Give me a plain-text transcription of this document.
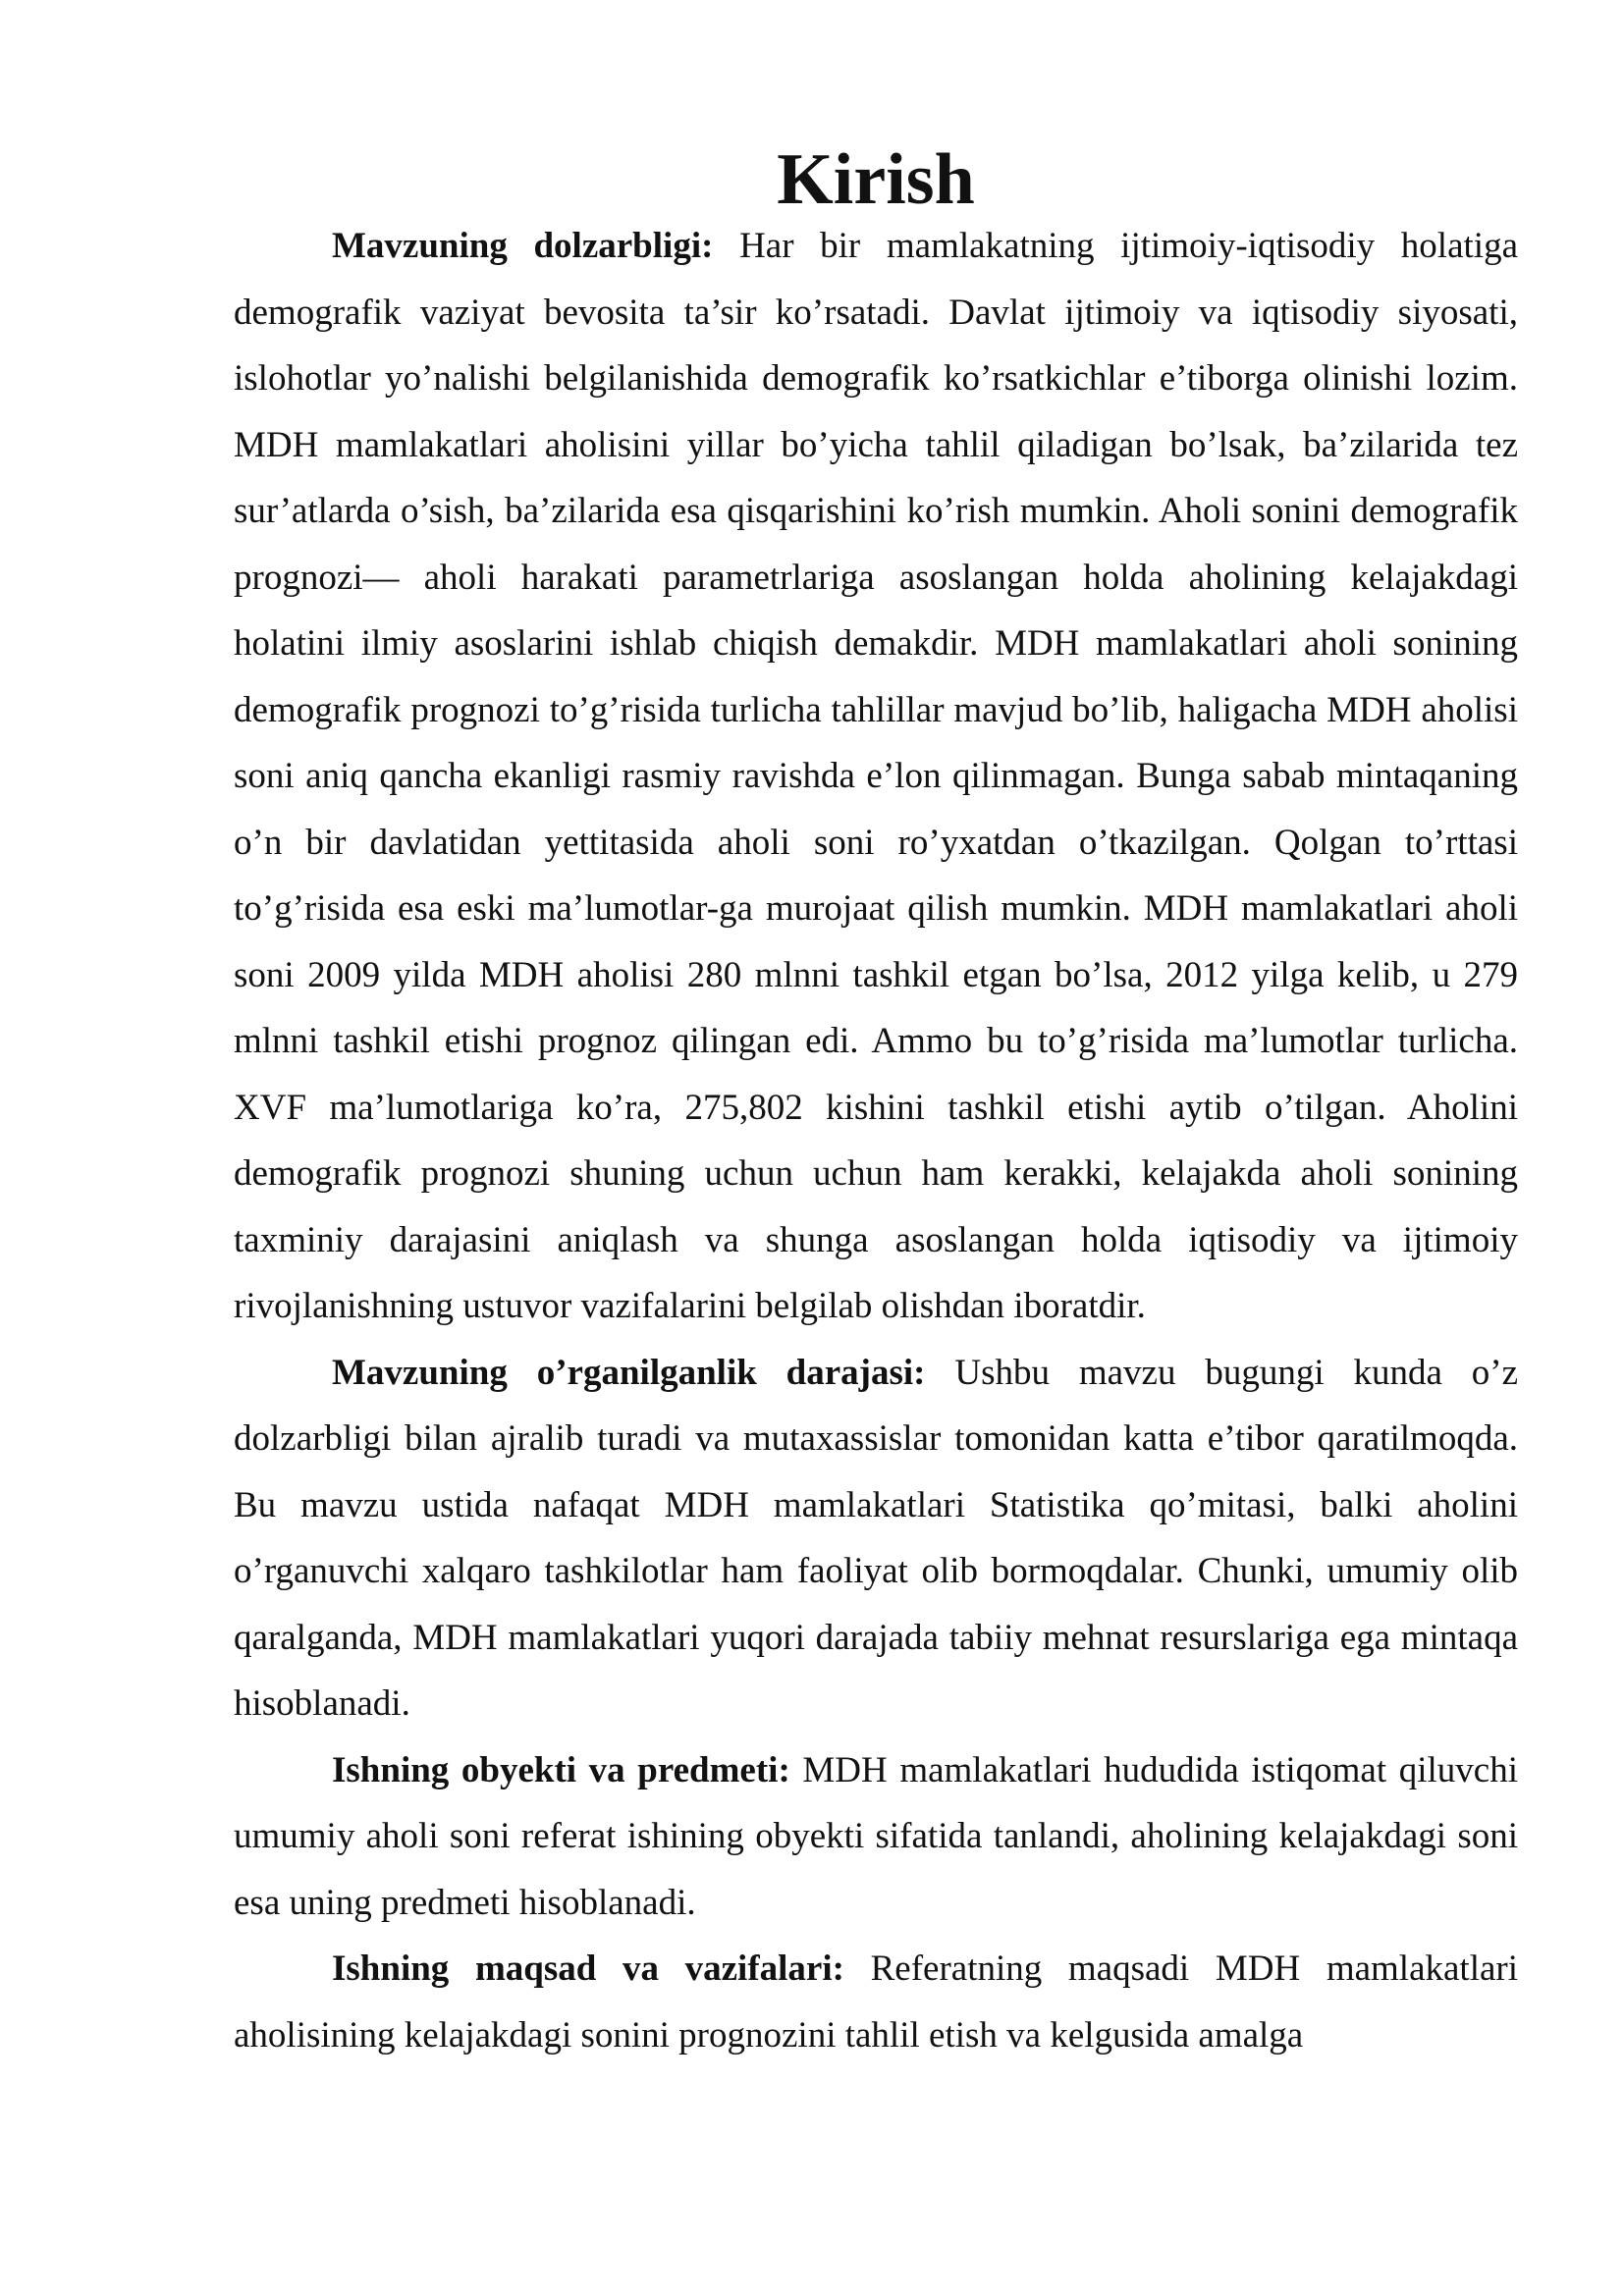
Kirish

Mavzuning dolzarbligi: Har bir mamlakatning ijtimoiy-iqtisodiy holatiga demografik vaziyat bevosita ta’sir ko’rsatadi. Davlat ijtimoiy va iqtisodiy siyosati, islohotlar yo’nalishi belgilanishida demografik ko’rsatkichlar e’tiborga olinishi lozim. MDH mamlakatlari aholisini yillar bo’yicha tahlil qiladigan bo’lsak, ba’zilarida tez sur’atlarda o’sish, ba’zilarida esa qisqarishini ko’rish mumkin. Aholi sonini demografik prognozi— aholi harakati parametrlariga asoslangan holda aholining kelajakdagi holatini ilmiy asoslarini ishlab chiqish demakdir. MDH mamlakatlari aholi sonining demografik prognozi to’g’risida turlicha tahlillar mavjud bo’lib, haligacha MDH aholisi soni aniq qancha ekanligi rasmiy ravishda e’lon qilinmagan. Bunga sabab mintaqaning o’n bir davlatidan yettitasida aholi soni ro’yxatdan o’tkazilgan. Qolgan to’rttasi to’g’risida esa eski ma’lumotlar-ga murojaat qilish mumkin. MDH mamlakatlari aholi soni 2009 yilda MDH aholisi 280 mlnni tashkil etgan bo’lsa, 2012 yilga kelib, u 279 mlnni tashkil etishi prognoz qilingan edi. Ammo bu to’g’risida ma’lumotlar turlicha. XVF ma’lumotlariga ko’ra, 275,802 kishini tashkil etishi aytib o’tilgan. Aholini demografik prognozi shuning uchun uchun ham kerakki, kelajakda aholi sonining taxminiy darajasini aniqlash va shunga asoslangan holda iqtisodiy va ijtimoiy rivojlanishning ustuvor vazifalarini belgilab olishdan iboratdir.

Mavzuning o’rganilganlik darajasi: Ushbu mavzu bugungi kunda o’z dolzarbligi bilan ajralib turadi va mutaxassislar tomonidan katta e’tibor qaratilmoqda. Bu mavzu ustida nafaqat MDH mamlakatlari Statistika qo’mitasi, balki aholini o’rganuvchi xalqaro tashkilotlar ham faoliyat olib bormoqdalar. Chunki, umumiy olib qaralganda, MDH mamlakatlari yuqori darajada tabiiy mehnat resurslariga ega mintaqa hisoblanadi.

Ishning obyekti va predmeti: MDH mamlakatlari hududida istiqomat qiluvchi umumiy aholi soni referat ishining obyekti sifatida tanlandi, aholining kelajakdagi soni esa uning predmeti hisoblanadi.

Ishning maqsad va vazifalari: Referatning maqsadi MDH mamlakatlari aholisining kelajakdagi sonini prognozini tahlil etish va kelgusida amalga
